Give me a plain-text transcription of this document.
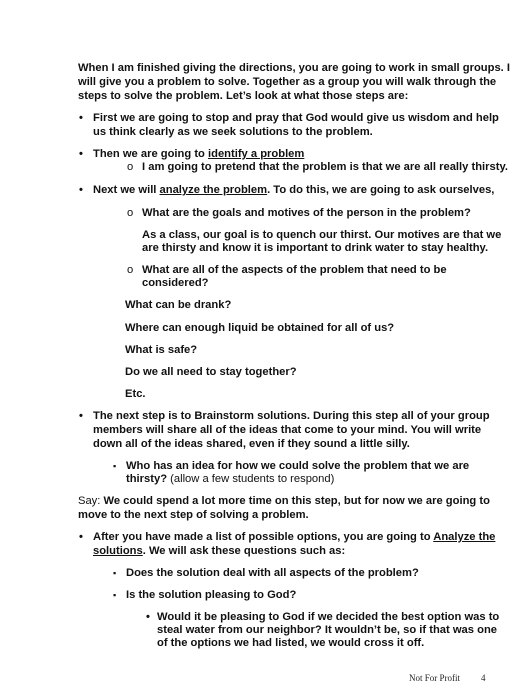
When I am finished giving the directions, you are going to work in small groups. I
will give you a problem to solve. Together as a group you will walk through the
steps to solve the problem. Let’s look at what those steps are:
• First we are going to stop and pray that God would give us wisdom and help
us think clearly as we seek solutions to the problem.
• Then we are going to identify a problem
o I am going to pretend that the problem is that we are all really thirsty.
• Next we will analyze the problem. To do this, we are going to ask ourselves,
o What are the goals and motives of the person in the problem?
As a class, our goal is to quench our thirst. Our motives are that we
are thirsty and know it is important to drink water to stay healthy.
o What are all of the aspects of the problem that need to be
considered?
What can be drank?
Where can enough liquid be obtained for all of us?
What is safe?
Do we all need to stay together?
Etc.
• The next step is to Brainstorm solutions. During this step all of your group
members will share all of the ideas that come to your mind. You will write
down all of the ideas shared, even if they sound a little silly.
▪ Who has an idea for how we could solve the problem that we are
thirsty? (allow a few students to respond)
Say: We could spend a lot more time on this step, but for now we are going to
move to the next step of solving a problem.
• After you have made a list of possible options, you are going to Analyze the
solutions. We will ask these questions such as:
▪ Does the solution deal with all aspects of the problem?
▪ Is the solution pleasing to God?
• Would it be pleasing to God if we decided the best option was to
steal water from our neighbor? It wouldn’t be, so if that was one
of the options we had listed, we would cross it off.
Not For Profit 4
